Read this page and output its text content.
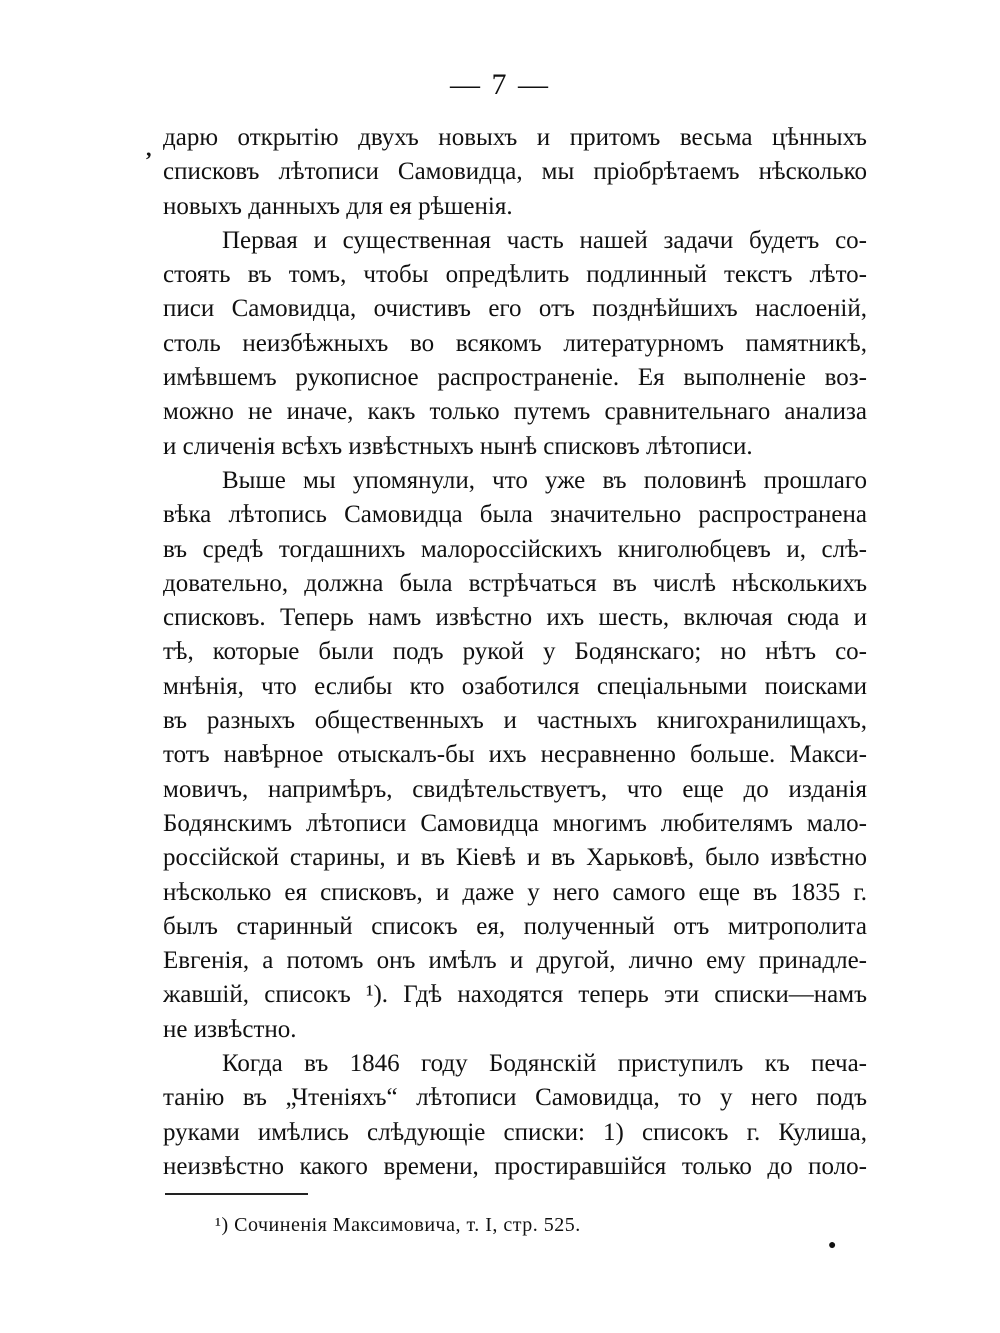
— 7 —
, дарю открытію двухъ новыхъ и притомъ весьма цѣнныхъ
списковъ лѣтописи Самовидца, мы пріобрѣтаемъ нѣсколько
новыхъ данныхъ для ея рѣшенія.
Первая и существенная часть нашей задачи будетъ со-
стоять въ томъ, чтобы опредѣлить подлинный текстъ лѣто-
писи Самовидца, очистивъ его отъ позднѣйшихъ наслоеній,
столь неизбѣжныхъ во всякомъ литературномъ памятникѣ,
имѣвшемъ рукописное распространеніе. Ея выполненіе воз-
можно не иначе, какъ только путемъ сравнительнаго анализа
и сличенія всѣхъ извѣстныхъ нынѣ списковъ лѣтописи.
Выше мы упомянули, что уже въ половинѣ прошлаго
вѣка лѣтопись Самовидца была значительно распространена
въ средѣ тогдашнихъ малороссійскихъ книголюбцевъ и, слѣ-
довательно, должна была встрѣчаться въ числѣ нѣсколькихъ
списковъ. Теперь намъ извѣстно ихъ шесть, включая сюда и
тѣ, которые были подъ рукой у Бодянскаго; но нѣтъ со-
мнѣнія, что еслибы кто озаботился спеціальными поисками
въ разныхъ общественныхъ и частныхъ книгохранилищахъ,
тотъ навѣрное отыскалъ-бы ихъ несравненно больше. Макси-
мовичъ, напримѣръ, свидѣтельствуетъ, что еще до изданія
Бодянскимъ лѣтописи Самовидца многимъ любителямъ мало-
россійской старины, и въ Кіевѣ и въ Харьковѣ, было извѣстно
нѣсколько ея списковъ, и даже у него самого еще въ 1835 г.
былъ старинный списокъ ея, полученный отъ митрополита
Евгенія, а потомъ онъ имѣлъ и другой, лично ему принадле-
жавшій, списокъ ¹). Гдѣ находятся теперь эти списки—намъ
не извѣстно.
Когда въ 1846 году Бодянскій приступилъ къ печа-
танію въ „Чтеніяхъ“ лѣтописи Самовидца, то у него подъ
руками имѣлись слѣдующіе списки: 1) списокъ г. Кулиша,
неизвѣстно какого времени, простиравшійся только до поло-
¹) Сочиненія Максимовича, т. I, стр. 525.
●
